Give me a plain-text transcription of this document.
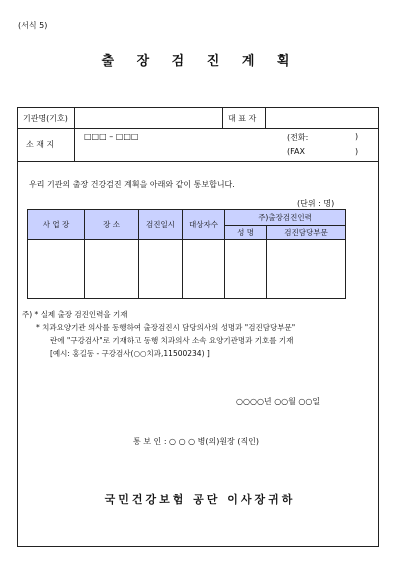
(서식 5)
출 장 검 진 계 획
기관명(기호)	대 표 자
소 재 지
□□□ – □□□	(전화:	)
(FAX	)
우리 기관의 출장 건강검진 계획을 아래와 같이 통보합니다.
(단위 : 명)
사 업 장	장 소	검진일시	대상자수	주)출장검진인력	
				성 명	검진담당부문

주) * 실제 출장 검진인력을 기재
* 치과요양기관 의사를 동행하여 출장검진시 담당의사의 성명과 "검진담당부문"
란에 "구강검사"로 기재하고 동행 치과의사 소속 요양기관명과 기호를 기재
[예시: 홍길동 - 구강검사(○○치과,11500234) ]
○○○○년 ○○월 ○○일
통 보 인 : ○ ○ ○ 병(의)원장 (직인)
국민건강보험 공단 이사장귀하
